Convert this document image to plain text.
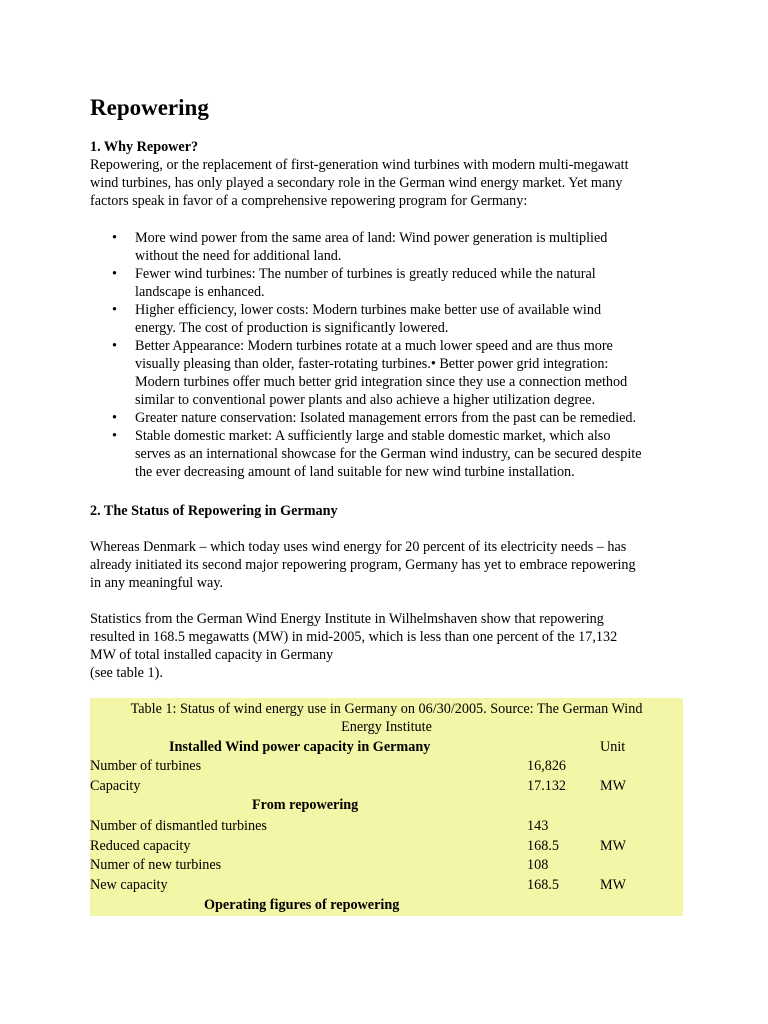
Repowering
1. Why Repower?
Repowering, or the replacement of first-generation wind turbines with modern multi-megawatt
wind turbines, has only played a secondary role in the German wind energy market. Yet many
factors speak in favor of a comprehensive repowering program for Germany:
• More wind power from the same area of land: Wind power generation is multiplied
without the need for additional land.
• Fewer wind turbines: The number of turbines is greatly reduced while the natural
landscape is enhanced.
• Higher efficiency, lower costs: Modern turbines make better use of available wind
energy. The cost of production is significantly lowered.
• Better Appearance: Modern turbines rotate at a much lower speed and are thus more
visually pleasing than older, faster-rotating turbines.• Better power grid integration:
Modern turbines offer much better grid integration since they use a connection method
similar to conventional power plants and also achieve a higher utilization degree.
• Greater nature conservation: Isolated management errors from the past can be remedied.
• Stable domestic market: A sufficiently large and stable domestic market, which also
serves as an international showcase for the German wind industry, can be secured despite
the ever decreasing amount of land suitable for new wind turbine installation.
2. The Status of Repowering in Germany
Whereas Denmark – which today uses wind energy for 20 percent of its electricity needs – has
already initiated its second major repowering program, Germany has yet to embrace repowering
in any meaningful way.
Statistics from the German Wind Energy Institute in Wilhelmshaven show that repowering
resulted in 168.5 megawatts (MW) in mid-2005, which is less than one percent of the 17,132
MW of total installed capacity in Germany
(see table 1).
Table 1: Status of wind energy use in Germany on 06/30/2005. Source: The German Wind
Energy Institute
Installed Wind power capacity in Germany	Unit
Number of turbines	16,826
Capacity	17.132 MW
From repowering
Number of dismantled turbines	143
Reduced capacity	168.5	MW
Numer of new turbines	108
New capacity	168.5	MW
Operating figures of repowering
